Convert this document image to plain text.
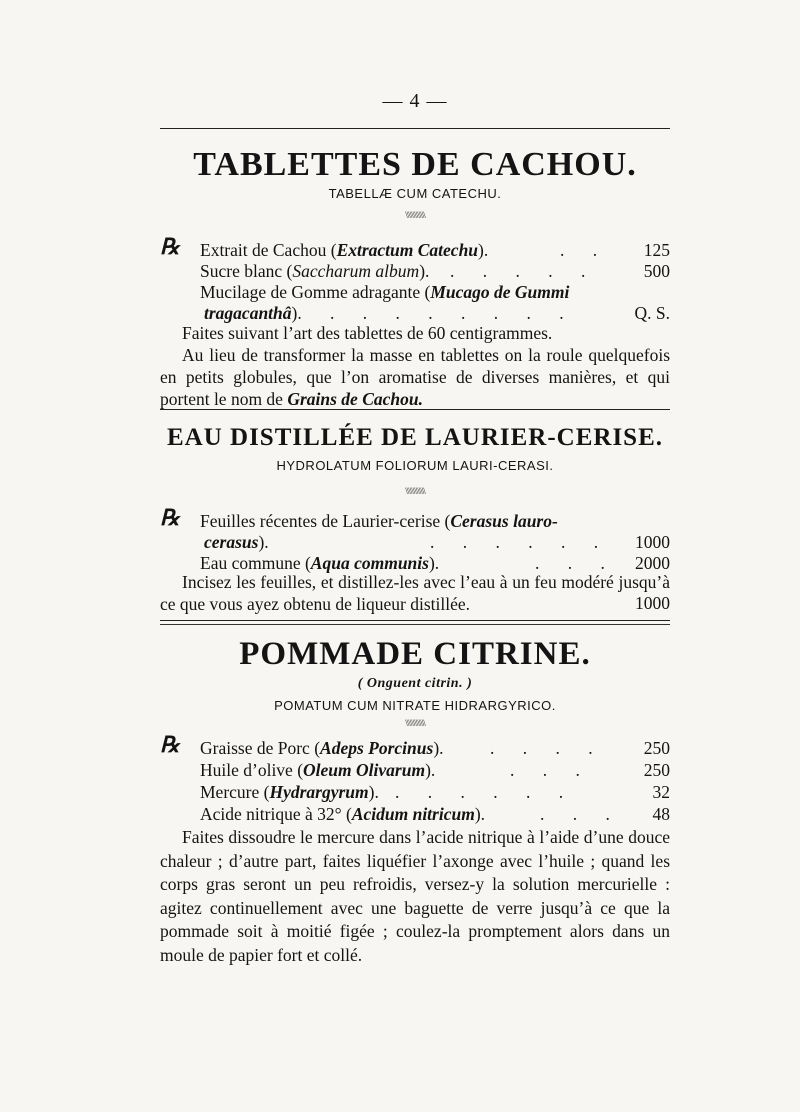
— 4 —
TABLETTES DE CACHOU.
TABELLÆ CUM CATECHU.
\\\\\\\\\\\\\
℞ Extrait de Cachou (Extractum Catechu).	. . 125
Sucre blanc (Saccharum album). . . . . .	500
Mucilage de Gomme adragante (Mucago de Gummi
tragacanthâ). . . . . . . . .	Q. S.
Faites suivant l’art des tablettes de 60 centigrammes.
Au lieu de transformer la masse en tablettes on la roule quelquefois en petits globules, que l’on aromatise de diverses manières, et qui portent le nom de Grains de Cachou.
EAU DISTILLÉE DE LAURIER-CERISE.
HYDROLATUM FOLIORUM LAURI-CERASI.
\\\\\\\\\\\\\
℞ Feuilles récentes de Laurier-cerise (Cerasus lauro-
cerasus).	. . . . . . 1000
Eau commune (Aqua communis).	. . . 2000
Incisez les feuilles, et distillez-les avec l’eau à un feu modéré jusqu’à ce que vous ayez obtenu de liqueur distillée.	1000
POMMADE CITRINE.
( Onguent citrin. )
POMATUM CUM NITRATE HIDRARGYRICO.
\\\\\\\\\\\\\
℞ Graisse de Porc (Adeps Porcinus).	. . . . 250
Huile d’olive (Oleum Olivarum).	. . .	250
Mercure (Hydrargyrum). . . . . . .	32
Acide nitrique à 32° (Acidum nitricum).	. . . 48
Faites dissoudre le mercure dans l’acide nitrique à l’aide d’une douce chaleur ; d’autre part, faites liquéfier l’axonge avec l’huile ; quand les corps gras seront un peu refroidis, versez-y la solution mercurielle : agitez continuellement avec une baguette de verre jusqu’à ce que la pommade soit à moitié figée ; coulez-la promptement alors dans un moule de papier fort et collé.
